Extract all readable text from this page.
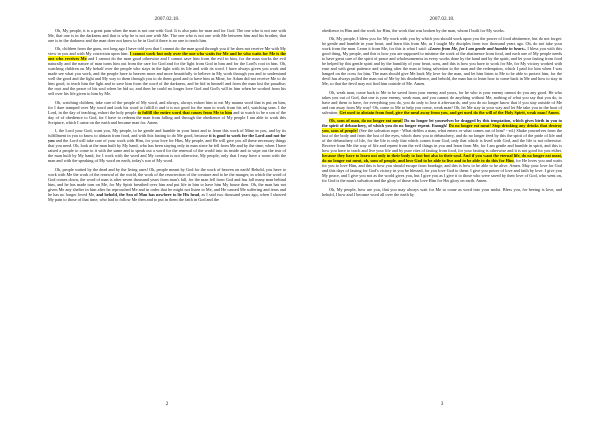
2007.02.18.

Oh, My people, it is a great pain when the man is not one with God. It is also pain for man and for God. The one who is not one with Me, that one is in the darkness and that is why he is not one with Me. The one who is not one with Me between him and his brother, that one is in the darkness and the man does not know to be in God if there is no one to teach him.

Oh, children from the guns, not long ago I have told you that I cannot do the man good through you if he does not receive Me with My view in you and with My correction upon him. I cannot work but only over the one who waits for Me and he who waits for Me is the one who receives Me and I cannot do the man good otherwise and I cannot save him from the evil in him, for the man works the evil naturally and the nature of man turns him out from the care for God and for the light from God in him and for the Lord's root in him. Oh, watching children on My behalf over the people who stays in the light with its life and with its word. I have always given you work and made see what you work, and the people have to heaven more and more beautifully to believe in My work through you and to understand well the good and the light and My way to them through you to do them good and to have him as Mine, for Adam did not receive Me to do him good, to teach him the light and to save him from the word of the darkness, and he hid in himself and from the man lost the paradise; the root and the peace of his soul when he hid so, and then he could no longer love God and God's will in him when he worked from his self over his life given to him by Me.

Oh, watching children, take care of the people of My word, and always, always exhort him to eat My manna word that is put on him, for I dare tramped over My word and took his word to fulfill it and it is not good for the man to work from his self, watching sons. I the Lord, in the day of teaching, exhort the holy people to fulfill the entire word that comes from Me to him and to watch to be a son of the day of of obedience to God, for I have to redeem the man from falling and through the obedience of My people I am able to work this Scripture, which I came on the earth and became man for. Amen.

I, the Lord your God, want you, My people, to be gentle and humble in your heart and to learn this work of Mine in you, and by its fulfillment in you to know to abstain from food, and with this fasting to do Me good, because it is good to work for the Lord and not for you and the Lord will take care of your work with Him, for your love for Him, My people, and He will give you all these necessary things that you need. Oh, look at the man built by My hand, who has been staying only in man since he fell from Me and by the time, when I have raised a people to come to it with the same and to speak out a word for the renewal of the world into its inside and to wipe out the tear of the man built by My hand, for I work with the word and My creation is not otherwise, My people, only that I may have a room with the man and with the speaking of My word on earth, today's son of My word.

Oh, people waited by the dead and by the living ones! Oh, people meant by God for the work of heaven on earth! Behold, you have to work with Me the work of the renewal of the world, the work of the resurrection of the creature and to be the manger, in which the word of God comes down, the word of man is after seven thousand years from man's fall, for the man fell from God and has fall many man behind him, and he has made turn on Me, for My Spirit breathed over him and put life in him to have him My house then. Oh, the man has not given Me any shelter in him after he reproached Me and in order that he might not listen to Me, and He caused Me suffering and tears and he has no longer loved Me, and behold, the Son of Man has nowhere to lie His head, as I said two thousand years ago, when I showed My pain to those of that time, who had to follow Me then and to put in them the faith in God and the

2
2007.02.18.

obedience in Him and the work for Him, the work that was broken by the man, whom I built for My works.

Oh, My people, I bless you for My work with you by which you should work upon you the power of food abstinence, but do not forget: be gentle and humble in your heart, and learn this from Me, as I taught My disciples from two thousand years ago. Oh, do not take your work from the man. Learn it from Me, for this is what I said: «Learn from Me, for I am gentle and humble in heart». I bless you with this good thing, My people, and this is how you are supposed to mistime the work of the abstinence from food, and each one of My people needs to have great care of the spirit of peace and wholesomeness in every works done by the hand and by the spirit, and let your fasting from food be helped by this gentle spirit and by the humility of your heart, sons, and this is how you have to work for Me, for My victory worked with ease and with great patience and waiting after the man to bring salvation to the man and the redemption, which I paid for him when I was hanged on the cross for him. The man should give Me back My love for the man, and let him listen to Me to be able to protect him, for the devil has always pulled the man out of Me by his disobedience, and behold, the man has to learn how to come back in Me and how to stay in Me, so that the devil may not find him outside of Me. Amen.

Oh, weak man, come back to Me to be saved from your enemy and yours, for he who is your enemy cannot do you any good. He who takes you out of God, that one is your enemy, weak man, and you cannot do anything without Me, nothing of what you say that you do, to have and them to have, for everything you do, you do only to lose it afterwards, and you do no longer know that if you stay outside of Me and run away from My way! Oh, come to Me to help you come, weak man! Oh, let Me stay in your way and let Me take you in the boat of salvation. Get used to abstain from food, give the meal away from you, and get used do the will of the Holy Spirit, weak man! Amen.

Oh, sons of man, do no longer eat meat! Do no longer let yourselves be dragged by this temptation, which gives birth in you to the spirit of debauchery, of which you do no longer repent. Enough! Do no longer eat meat! Stop drinking any drinks that destroy you, sons of people! (See the salvation rope - What defiles a man, what enters or what comes out of him? - ed.) Shake yourselves from the lust of the body and from the lust of the eyes, which draw you to debauchery, and do no longer feed by this the spirit of the pride of life and of the debauchery of life, for the life is only that which comes from God, only that which is lived with God, and the life is not otherwise. Receive from Me the way of life and repent from the evil things in you and learn from Me, for I am gentle and humble in spirit, and this is how you have to teach and live your life and by pure rites of fasting from food, for your fasting is otherwise and it is not good for you either. because they have to learn not only in their body to fast but also in their soul. And if you want the eternal life, do no longer eat meat, do no longer eat meat, oh, sons of people, and love God to be able to live and to be able to do this for Him, for He loves you and waits for you to love Him, and this is how you should escape from bondage, and this is how to be able to be alive. Amen. May your love for God and this days of fasting for God's victory in you be blessed, for you love God to them. I give you power of love and faith by love. I give you My peace, and I give you not as the world gives you, but I give you as I give it to those who were saved by their love of God, who went on, for God is the man's salvation and the glory of those who love Him for His glory on earth. Amen.

Oh, My people, how are you, that you may always wait for Me to come as word into your midst. Bless you, for beeing is love, and behold, I bow and I became word all over the earth by

3
